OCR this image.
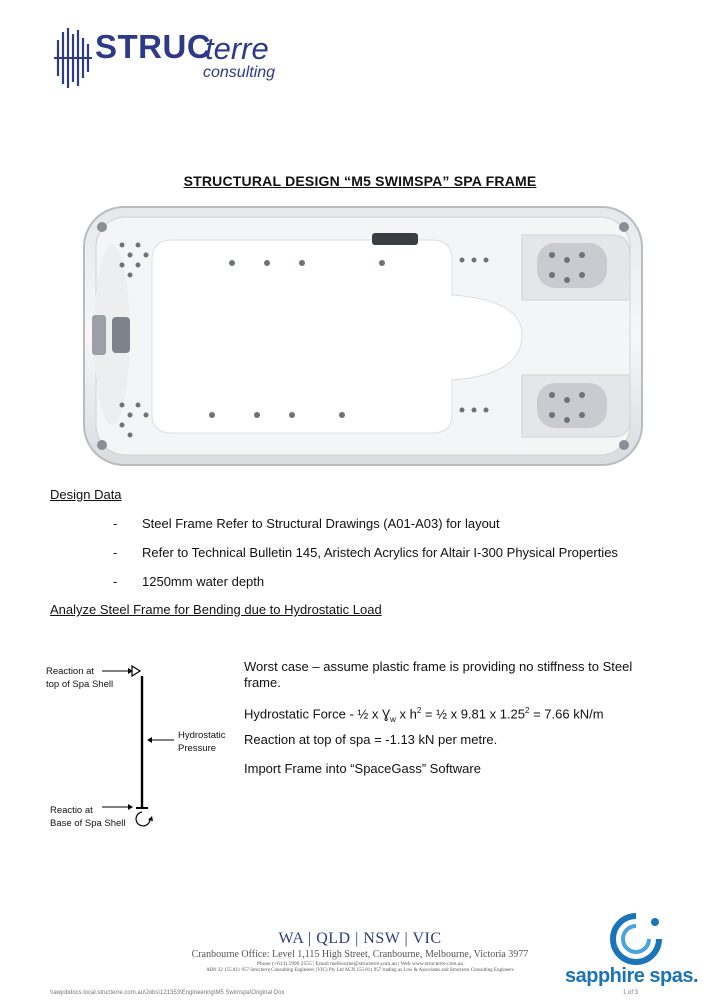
STRUC
terre
consulting
STRUCTURAL DESIGN “M5 SWIMSPA” SPA FRAME
Design Data
- Steel Frame Refer to Structural Drawings (A01-A03) for layout
- Refer to Technical Bulletin 145, Aristech Acrylics for Altair I-300 Physical Properties
- 1250mm water depth
Analyze Steel Frame for Bending due to Hydrostatic Load
Reaction at
top of Spa Shell
Hydrostatic
Pressure
Reactio at
Base of Spa Shell
Worst case – assume plastic frame is providing no stiffness to Steel
frame.
Hydrostatic Force - ½ x $Ɣ_w$ x $h^2$ = ½ x 9.81 x $1.25^2 = 7.66$ kN/m
Reaction at top of spa = -1.13 kN per metre.
Import Frame into “SpaceGass” Software
WA | QLD | NSW | VIC
Cranbourne Office: Level 1,115 High Street, Cranbourne, Melbourne, Victoria 3977
Phone (+613) 5996 2555 | Email melbourne@structerre.com.au | Web www.structerre.com.au
ABN 32 155 811 957 Structerre Consulting Engineers (VIC) Pty Ltd ACN 155 811 957 trading as Low & Associates and Structerre Consulting Engineers	sapphire spas.
\\awjobdocs.local.structerre.com.au\Jobs\121353\Engineering\M5 Swimspa\Original Dox	1 of 3
